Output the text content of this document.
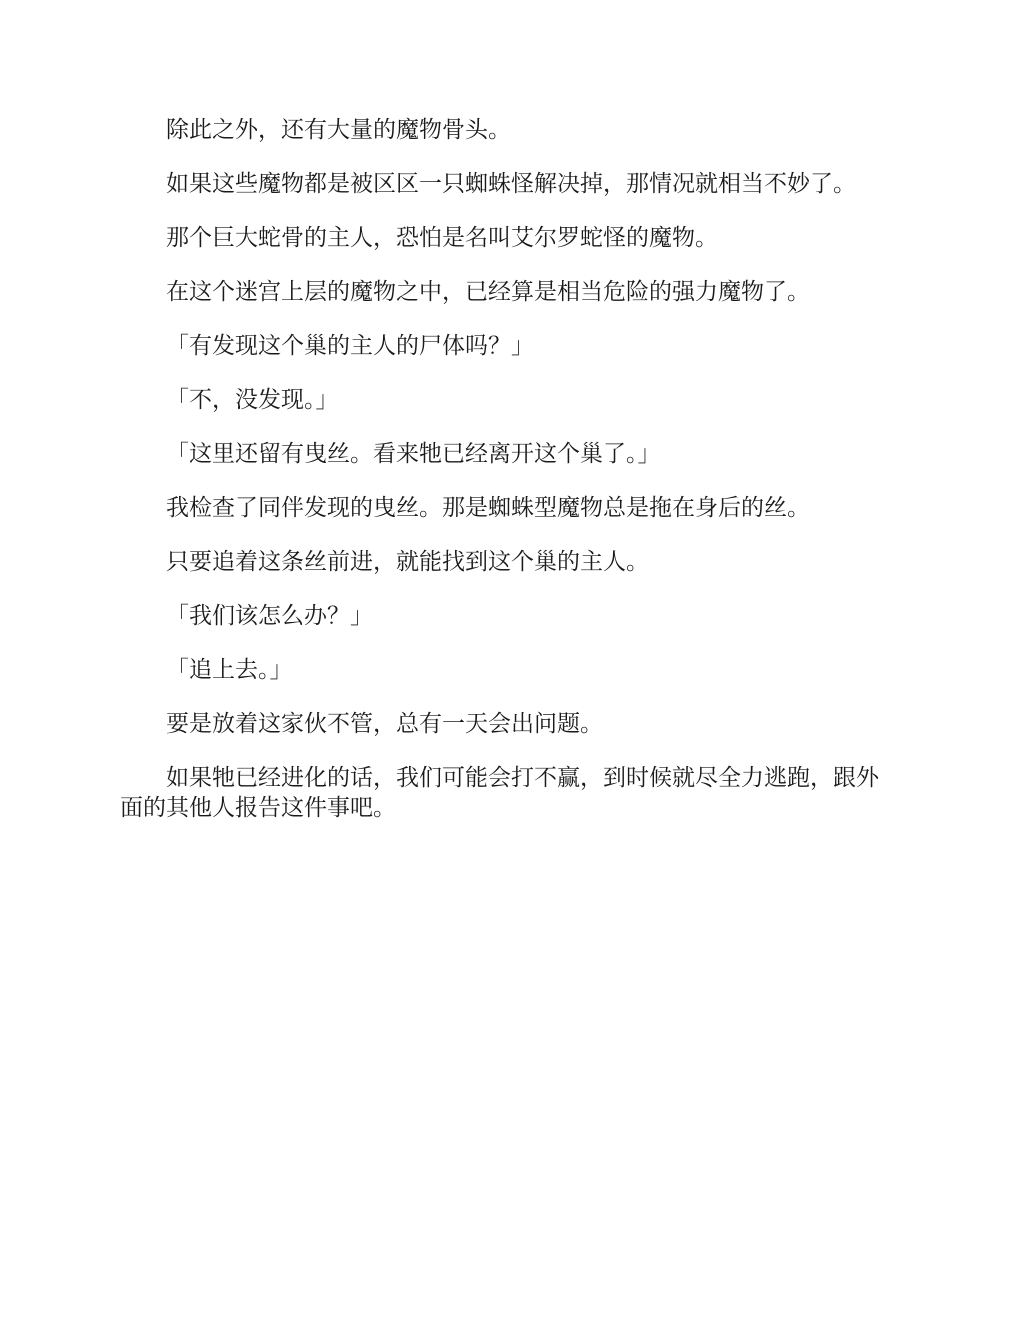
除此之外，还有大量的魔物骨头。

如果这些魔物都是被区区一只蜘蛛怪解决掉，那情况就相当不妙了。

那个巨大蛇骨的主人，恐怕是名叫艾尔罗蛇怪的魔物。

在这个迷宫上层的魔物之中，已经算是相当危险的强力魔物了。

「有发现这个巢的主人的尸体吗？」

「不，没发现。」

「这里还留有曳丝。看来牠已经离开这个巢了。」

我检查了同伴发现的曳丝。那是蜘蛛型魔物总是拖在身后的丝。

只要追着这条丝前进，就能找到这个巢的主人。

「我们该怎么办？」

「追上去。」

要是放着这家伙不管，总有一天会出问题。

如果牠已经进化的话，我们可能会打不赢，到时候就尽全力逃跑，跟外面的其他人报告这件事吧。
